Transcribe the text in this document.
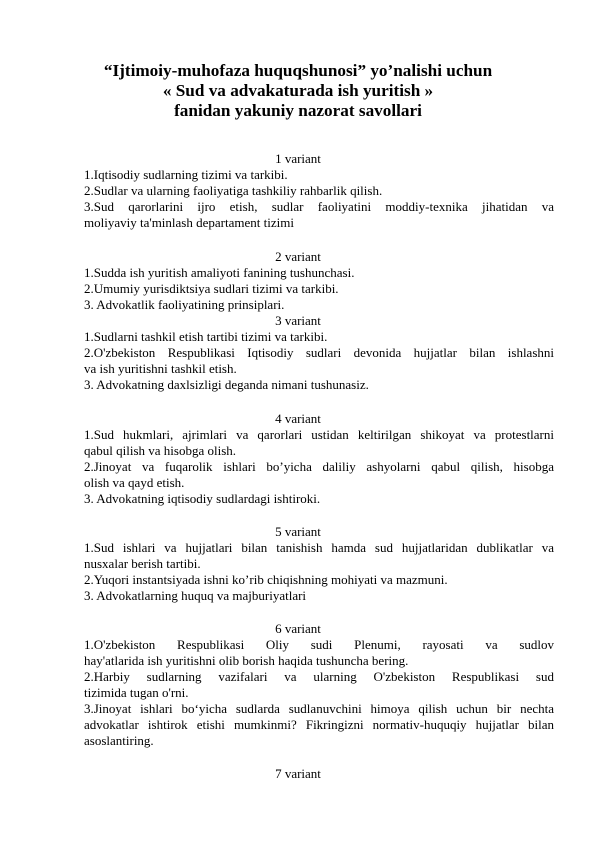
“Ijtimoiy-muhofaza huquqshunosi” yo’nalishi uchun
« Sud va advakaturada ish yuritish »
fanidan yakuniy nazorat savollari
1 variant
1.Iqtisodiy sudlarning tizimi va tarkibi.
2.Sudlar va ularning faoliyatiga tashkiliy rahbarlik qilish.
3.Sud qarorlarini ijro etish, sudlar faoliyatini moddiy-texnika jihatidan va
moliyaviy ta'minlash departament tizimi
2 variant
1.Sudda ish yuritish amaliyoti fanining tushunchasi.
2.Umumiy yurisdiktsiya sudlari tizimi va tarkibi.
3. Advokatlik faoliyatining prinsiplari.
3 variant
1.Sudlarni tashkil etish tartibi tizimi va tarkibi.
2.O'zbekiston Respublikasi Iqtisodiy sudlari devonida hujjatlar bilan ishlashni
va ish yuritishni tashkil etish.
3. Advokatning daxlsizligi deganda nimani tushunasiz.
4 variant
1.Sud hukmlari, ajrimlari va qarorlari ustidan keltirilgan shikoyat va protestlarni
qabul qilish va hisobga olish.
2.Jinoyat va fuqarolik ishlari bo’yicha daliliy ashyolarni qabul qilish, hisobga
olish va qayd etish.
3. Advokatning iqtisodiy sudlardagi ishtiroki.
5 variant
1.Sud ishlari va hujjatlari bilan tanishish hamda sud hujjatlaridan dublikatlar va
nusxalar berish tartibi.
2.Yuqori instantsiyada ishni ko’rib chiqishning mohiyati va mazmuni.
3. Advokatlarning huquq va majburiyatlari
6 variant
1.O'zbekiston Respublikasi Oliy sudi Plenumi, rayosati va sudlov
hay'atlarida ish yuritishni olib borish haqida tushuncha bering.
2.Harbiy sudlarning vazifalari va ularning O'zbekiston Respublikasi sud
tizimida tugan o'rni.
3.Jinoyat ishlari bo‘yicha sudlarda sudlanuvchini himoya qilish uchun bir nechta
advokatlar ishtirok etishi mumkinmi? Fikringizni normativ-huquqiy hujjatlar bilan
asoslantiring.
7 variant
